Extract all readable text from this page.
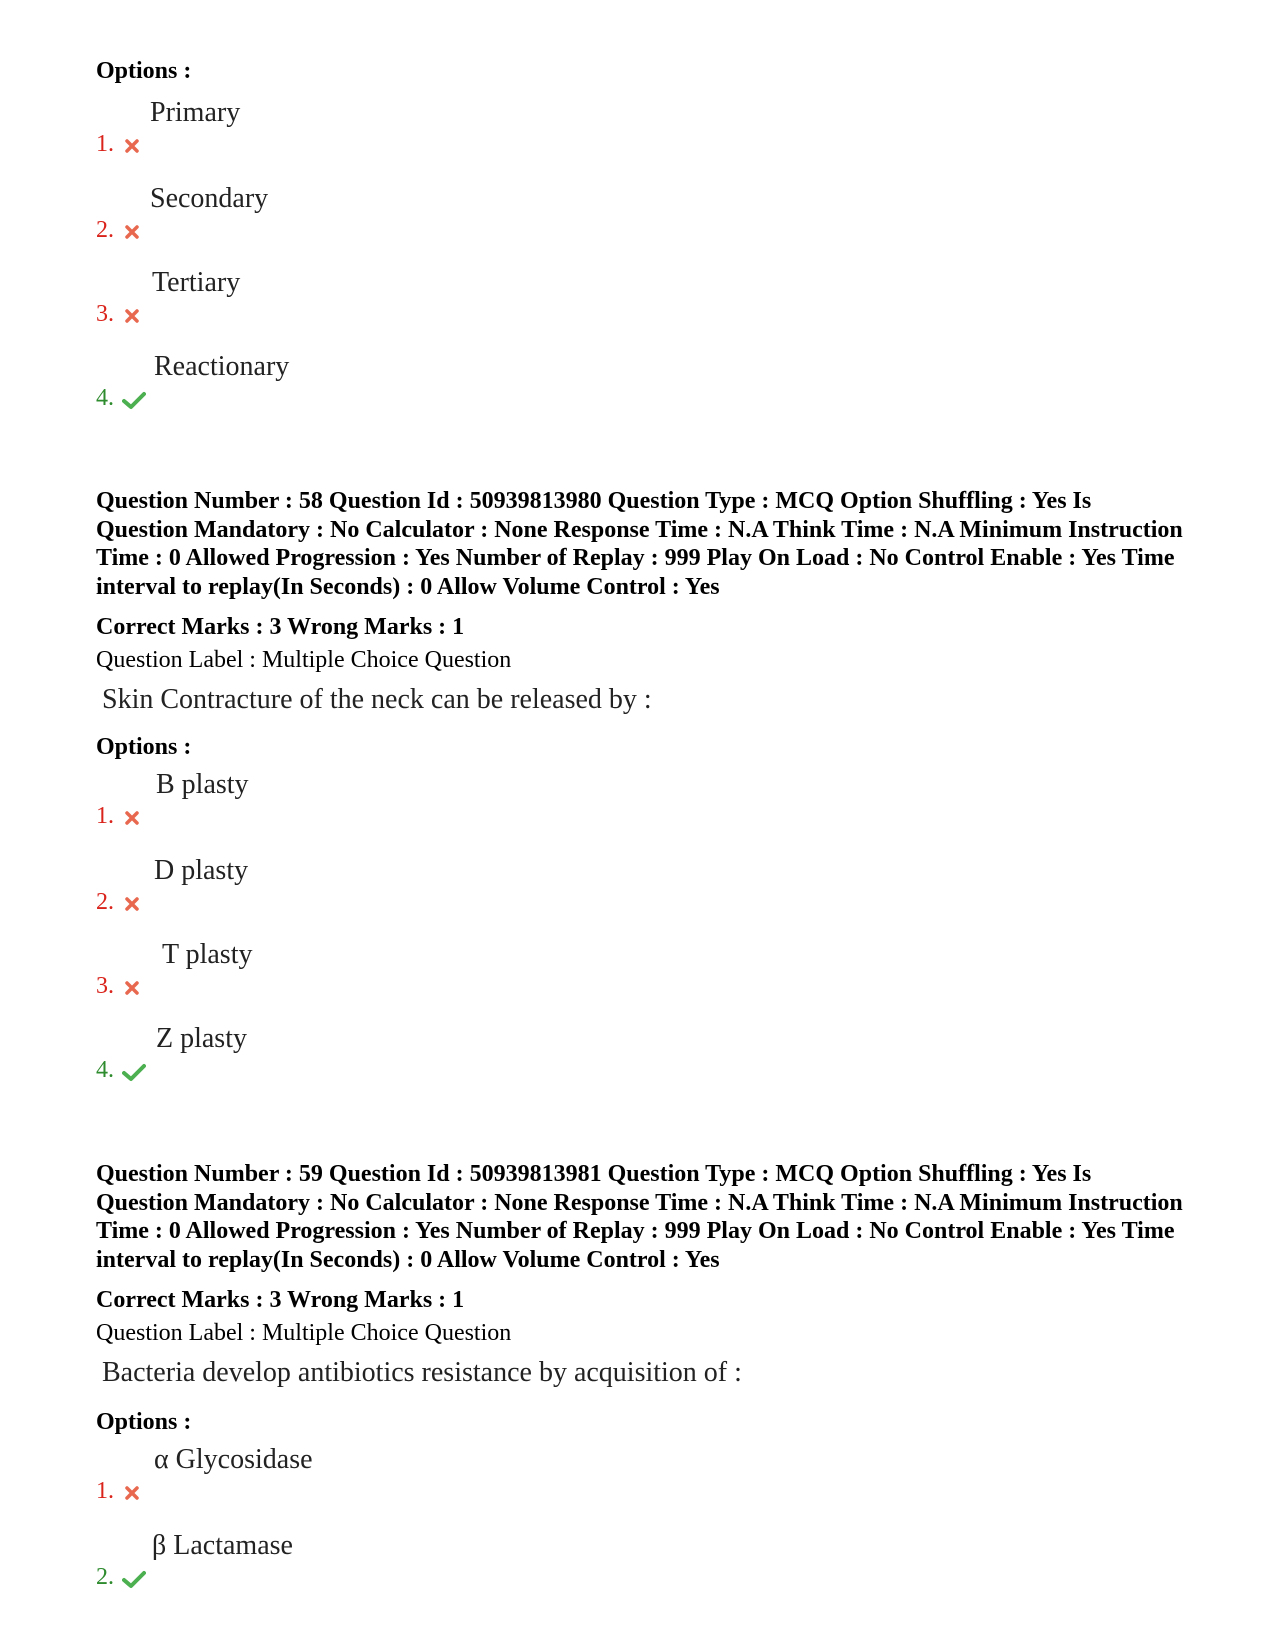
Options :
Primary
1.
Secondary
2.
Tertiary
3.
Reactionary
4.
Question Number : 58 Question Id : 50939813980 Question Type : MCQ Option Shuffling : Yes Is Question Mandatory : No Calculator : None Response Time : N.A Think Time : N.A Minimum Instruction Time : 0 Allowed Progression : Yes Number of Replay : 999 Play On Load : No Control Enable : Yes Time interval to replay(In Seconds) : 0 Allow Volume Control : Yes
Correct Marks : 3 Wrong Marks : 1
Question Label : Multiple Choice Question
Skin Contracture of the neck can be released by :
Options :
B plasty
1.
D plasty
2.
T plasty
3.
Z plasty
4.
Question Number : 59 Question Id : 50939813981 Question Type : MCQ Option Shuffling : Yes Is Question Mandatory : No Calculator : None Response Time : N.A Think Time : N.A Minimum Instruction Time : 0 Allowed Progression : Yes Number of Replay : 999 Play On Load : No Control Enable : Yes Time interval to replay(In Seconds) : 0 Allow Volume Control : Yes
Correct Marks : 3 Wrong Marks : 1
Question Label : Multiple Choice Question
Bacteria develop antibiotics resistance by acquisition of :
Options :
α Glycosidase
1.
β Lactamase
2.
